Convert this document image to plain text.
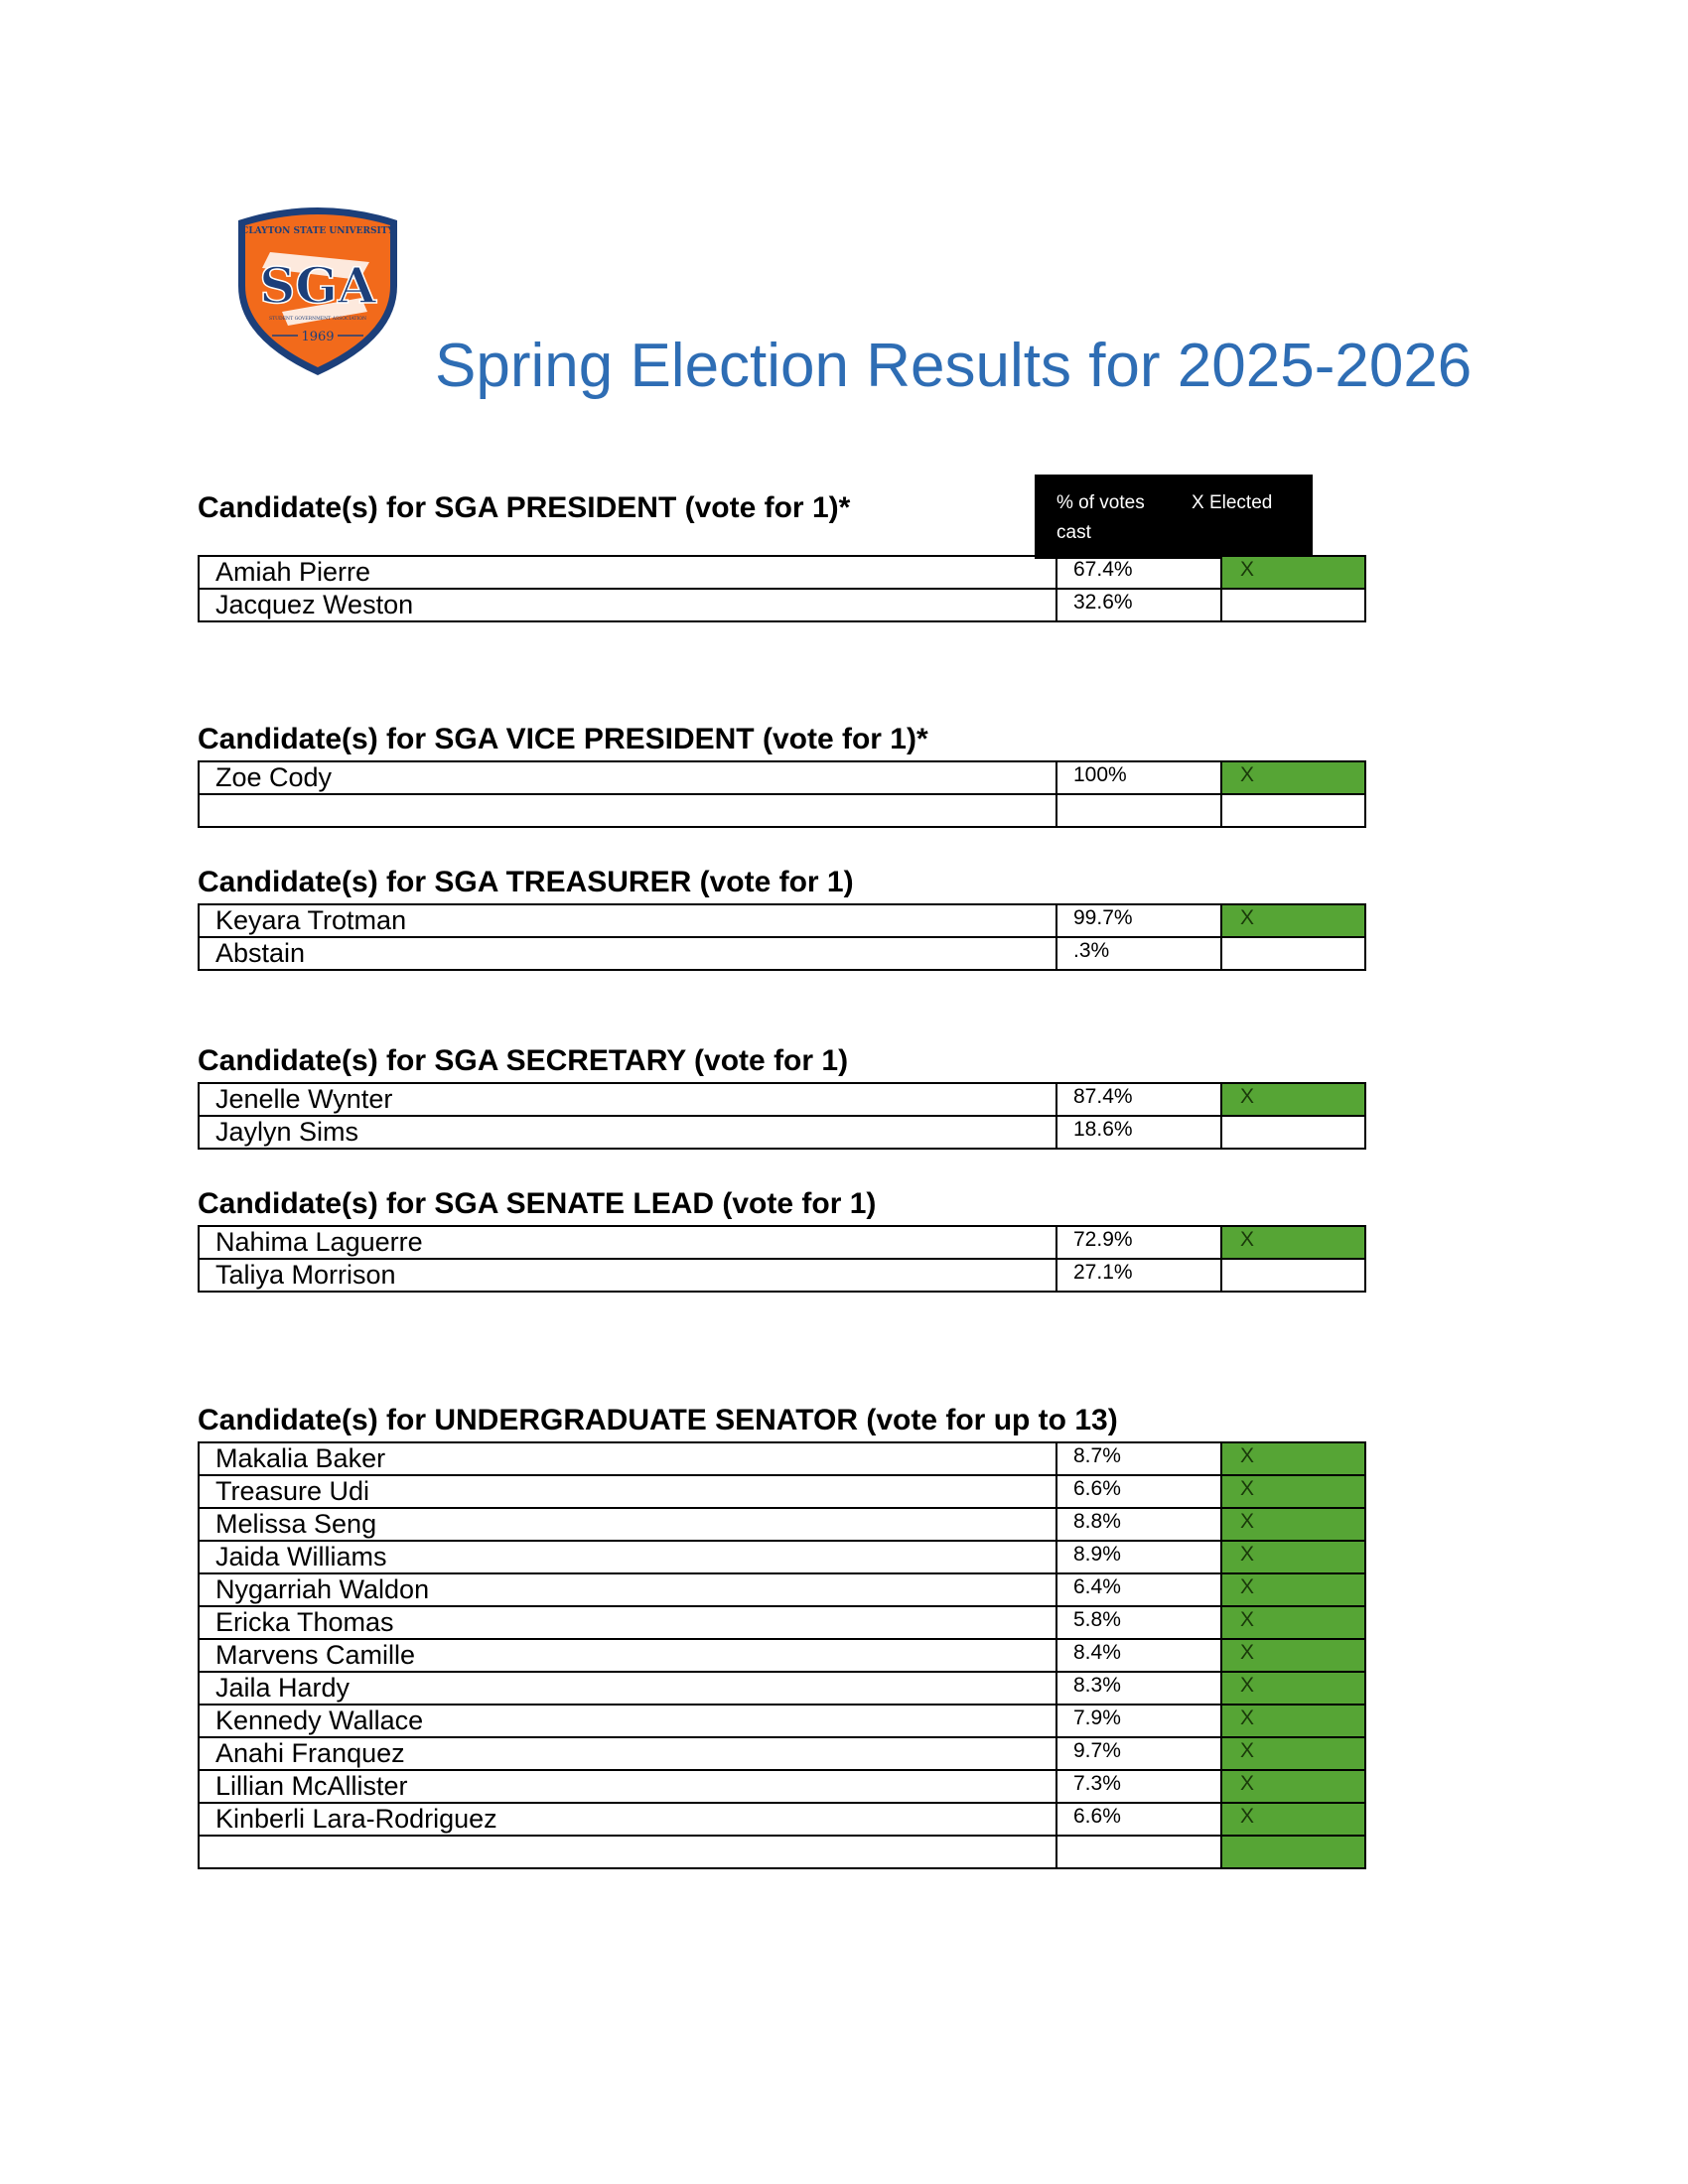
CLAYTON STATE UNIVERSITY
SGA
STUDENT GOVERNMENT ASSOCIATION
1969 Spring Election Results for 2025-2026
% of votes cast
X Elected
Candidate(s) for SGA PRESIDENT (vote for 1)*
Amiah Pierre	67.4%	X
Jacquez Weston	32.6%	
Candidate(s) for SGA VICE PRESIDENT (vote for 1)*
Zoe Cody	100%	X

Candidate(s) for SGA TREASURER (vote for 1)
Keyara Trotman	99.7%	X
Abstain	.3%	
Candidate(s) for SGA SECRETARY (vote for 1)
Jenelle Wynter	87.4%	X
Jaylyn Sims	18.6%	
Candidate(s) for SGA SENATE LEAD (vote for 1)
Nahima Laguerre	72.9%	X
Taliya Morrison	27.1%	
Candidate(s) for UNDERGRADUATE SENATOR (vote for up to 13)
Makalia Baker	8.7%	X
Treasure Udi	6.6%	X
Melissa Seng	8.8%	X
Jaida Williams	8.9%	X
Nygarriah Waldon	6.4%	X
Ericka Thomas	5.8%	X
Marvens Camille	8.4%	X
Jaila Hardy	8.3%	X
Kennedy Wallace	7.9%	X
Anahi Franquez	9.7%	X
Lillian McAllister	7.3%	X
Kinberli Lara-Rodriguez	6.6%	X
